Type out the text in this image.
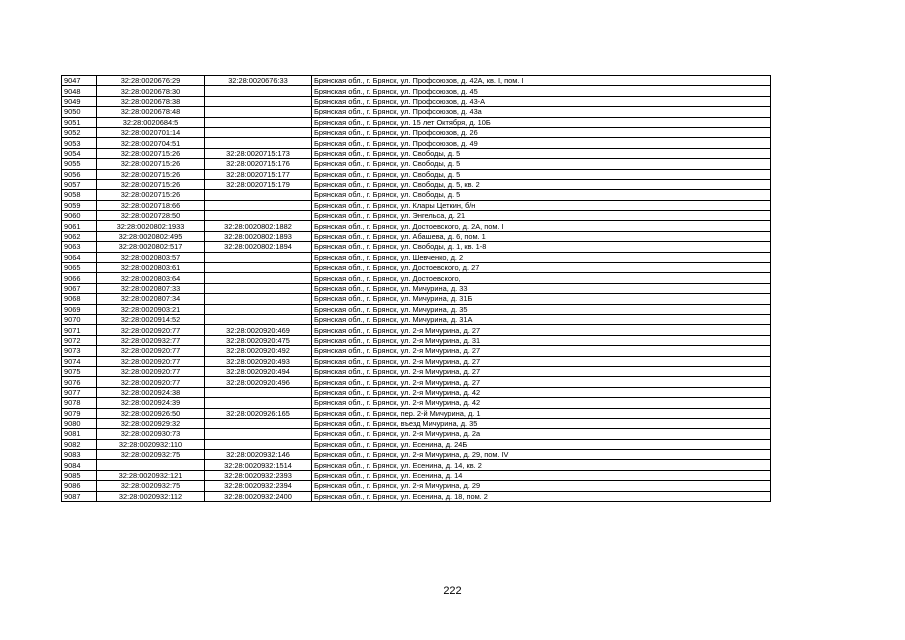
9047	32:28:0020676:29	32:28:0020676:33	Брянская обл., г. Брянск, ул. Профсоюзов, д. 42А, кв. I, пом. I
9048	32:28:0020678:30		Брянская обл., г. Брянск, ул. Профсоюзов, д. 45
9049	32:28:0020678:38		Брянская обл., г. Брянск, ул. Профсоюзов, д. 43-А
9050	32:28:0020678:48		Брянская обл., г. Брянск, ул. Профсоюзов, д. 43а
9051	32:28:0020684:5		Брянская обл., г. Брянск, ул. 15 лет Октября, д. 10Б
9052	32:28:0020701:14		Брянская обл., г. Брянск, ул. Профсоюзов, д. 26
9053	32:28:0020704:51		Брянская обл., г. Брянск, ул. Профсоюзов, д. 49
9054	32:28:0020715:26	32:28:0020715:173	Брянская обл., г. Брянск, ул. Свободы, д. 5
9055	32:28:0020715:26	32:28:0020715:176	Брянская обл., г. Брянск, ул. Свободы, д. 5
9056	32:28:0020715:26	32:28:0020715:177	Брянская обл., г. Брянск, ул. Свободы, д. 5
9057	32:28:0020715:26	32:28:0020715:179	Брянская обл., г. Брянск, ул. Свободы, д. 5, кв. 2
9058	32:28:0020715:26		Брянская обл., г. Брянск, ул. Свободы, д. 5
9059	32:28:0020718:66		Брянская обл., г. Брянск, ул. Клары Цеткин, б/н
9060	32:28:0020728:50		Брянская обл., г. Брянск, ул. Энгельса, д. 21
9061	32:28:0020802:1933	32:28:0020802:1882	Брянская обл., г. Брянск, ул. Достоевского, д. 2А, пом. I
9062	32:28:0020802:495	32:28:0020802:1893	Брянская обл., г. Брянск, ул. Абашева, д. 6, пом. 1
9063	32:28:0020802:517	32:28:0020802:1894	Брянская обл., г. Брянск, ул. Свободы, д. 1, кв. 1-8
9064	32:28:0020803:57		Брянская обл., г. Брянск, ул. Шевченко, д. 2
9065	32:28:0020803:61		Брянская обл., г. Брянск, ул. Достоевского, д. 27
9066	32:28:0020803:64		Брянская обл., г. Брянск, ул. Достоевского,
9067	32:28:0020807:33		Брянская обл., г. Брянск, ул. Мичурина, д. 33
9068	32:28:0020807:34		Брянская обл., г. Брянск, ул. Мичурина, д. 31Б
9069	32:28:0020903:21		Брянская обл., г. Брянск, ул. Мичурина, д. 35
9070	32:28:0020914:52		Брянская обл., г. Брянск, ул. Мичурина, д. 31А
9071	32:28:0020920:77	32:28:0020920:469	Брянская обл., г. Брянск, ул. 2-я Мичурина, д. 27
9072	32:28:0020932:77	32:28:0020920:475	Брянская обл., г. Брянск, ул. 2-я Мичурина, д. 31
9073	32:28:0020920:77	32:28:0020920:492	Брянская обл., г. Брянск, ул. 2-я Мичурина, д. 27
9074	32:28:0020920:77	32:28:0020920:493	Брянская обл., г. Брянск, ул. 2-я Мичурина, д. 27
9075	32:28:0020920:77	32:28:0020920:494	Брянская обл., г. Брянск, ул. 2-я Мичурина, д. 27
9076	32:28:0020920:77	32:28:0020920:496	Брянская обл., г. Брянск, ул. 2-я Мичурина, д. 27
9077	32:28:0020924:38		Брянская обл., г. Брянск, ул. 2-я Мичурина, д. 42
9078	32:28:0020924:39		Брянская обл., г. Брянск, ул. 2-я Мичурина, д. 42
9079	32:28:0020926:50	32:28:0020926:165	Брянская обл., г. Брянск, пер. 2-й Мичурина, д. 1
9080	32:28:0020929:32		Брянская обл., г. Брянск, въезд Мичурина, д. 35
9081	32:28:0020930:73		Брянская обл., г. Брянск, ул. 2-я Мичурина, д. 2а
9082	32:28:0020932:110		Брянская обл., г. Брянск, ул. Есенина, д. 24Б
9083	32:28:0020932:75	32:28:0020932:146	Брянская обл., г. Брянск, ул. 2-я Мичурина, д. 29, пом. IV
9084		32:28:0020932:1514	Брянская обл., г. Брянск, ул. Есенина, д. 14, кв. 2
9085	32:28:0020932:121	32:28:0020932:2393	Брянская обл., г. Брянск, ул. Есенина, д. 14
9086	32:28:0020932:75	32:28:0020932:2394	Брянская обл., г. Брянск, ул. 2-я Мичурина, д. 29
9087	32:28:0020932:112	32:28:0020932:2400	Брянская обл., г. Брянск, ул. Есенина, д. 18, пом. 2
222
